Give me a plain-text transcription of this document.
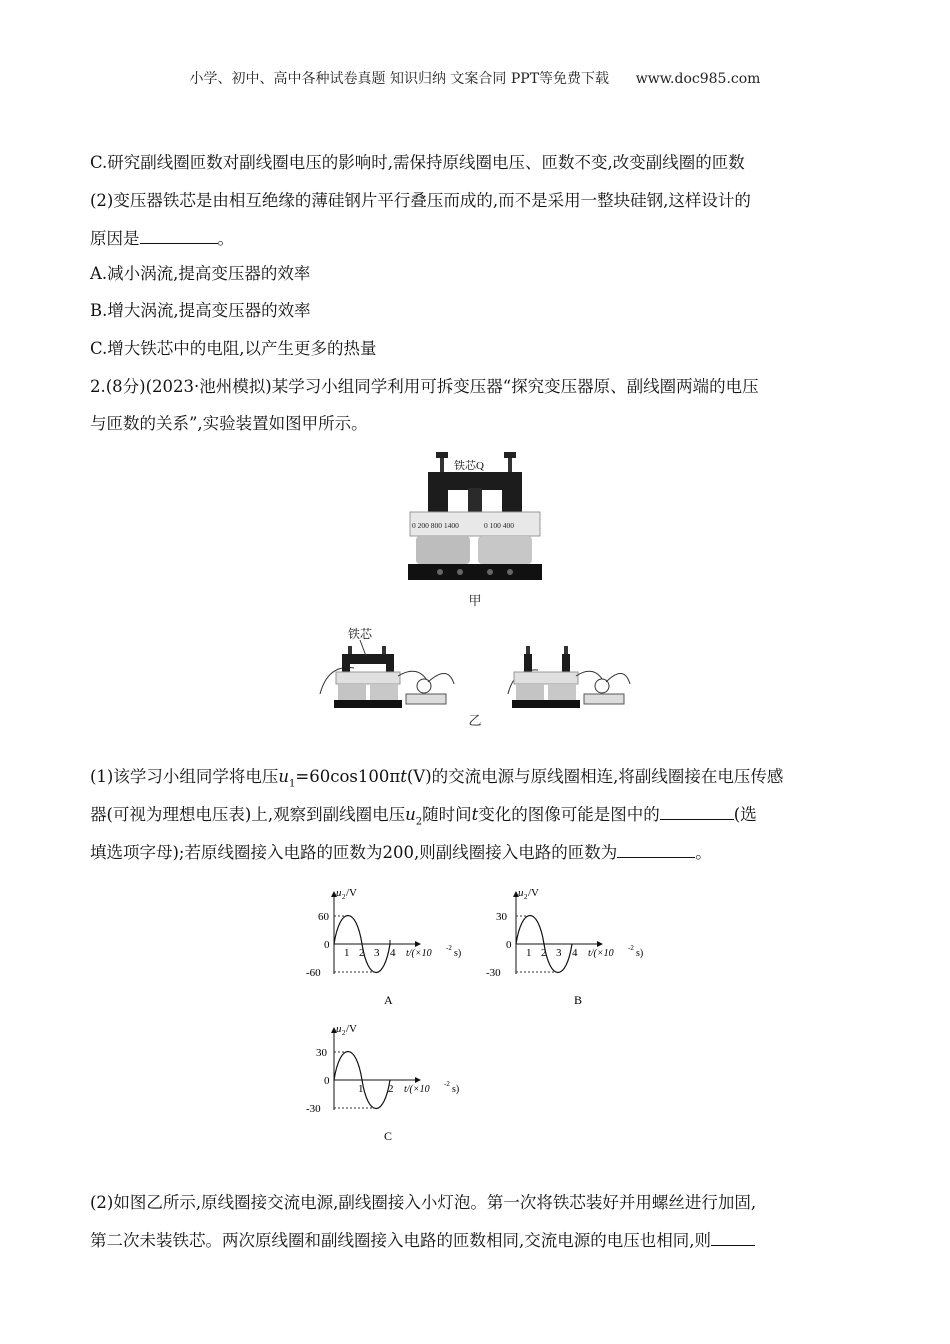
小学、初中、高中各种试卷真题 知识归纳 文案合同 PPT等免费下载 www.doc985.com

C.研究副线圈匝数对副线圈电压的影响时,需保持原线圈电压、匝数不变,改变副线圈的匝数

(2)变压器铁芯是由相互绝缘的薄硅钢片平行叠压而成的,而不是采用一整块硅钢,这样设计的

原因是	。

A.减小涡流,提高变压器的效率

B.增大涡流,提高变压器的效率

C.增大铁芯中的电阻,以产生更多的热量

2.(8分)(2023·池州模拟)某学习小组同学利用可拆变压器“探究变压器原、副线圈两端的电压

与匝数的关系”,实验装置如图甲所示。

0 200 800 1400	0 100 400
铁芯Q
甲
铁芯
乙

(1)该学习小组同学将电压$u_1=60\cos 100\pi t(V)$的交流电源与原线圈相连,将副线圈接在电压传感

器(可视为理想电压表)上,观察到副线圈电压$u_2$随时间t变化的图像可能是图中的	(选

填选项字母);若原线圈接入电路的匝数为200,则副线圈接入电路的匝数为	。

u 2 /V
60
0
-60
1 2 3 4 t/(×10 -2 s)
A
u 2 /V
30
0
-30
1 2 3 4 t/(×10 -2 s)
B
u 2 /V
30
0
-30
1 2 t/(×10 -2 s)
C

(2)如图乙所示,原线圈接交流电源,副线圈接入小灯泡。第一次将铁芯装好并用螺丝进行加固,

第二次未装铁芯。两次原线圈和副线圈接入电路的匝数相同,交流电源的电压也相同,则
